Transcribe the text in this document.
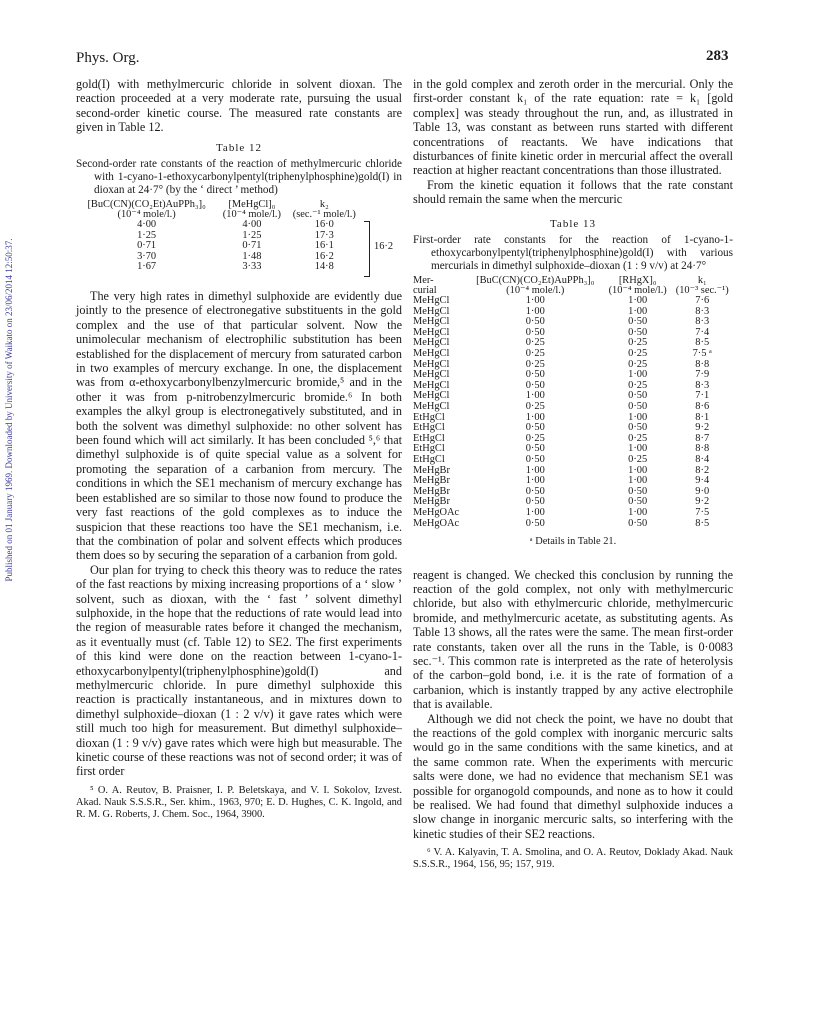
Published on 01 January 1969. Downloaded by University of Waikato on 23/06/2014 12:50:37.
Phys. Org.	283

gold(I) with methylmercuric chloride in solvent dioxan. The reaction proceeded at a very moderate rate, pursuing the usual second-order kinetic course. The measured rate constants are given in Table 12.

Table 12
Second-order rate constants of the reaction of methylmercuric chloride with 1-cyano-1-ethoxycarbonylpentyl(triphenylphosphine)gold(I) in dioxan at 24·7° (by the ‘ direct ’ method)
[BuC(CN)(CO₂Et)AuPPh₃]₀	[MeHgCl]₀	k₂	
(10⁻⁴ mole/l.)	(10⁻⁴ mole/l.)	(sec.⁻¹ mole/l.)	
4·00	4·00	16·0	16·2

1·25	1·25	17·3	
0·71	0·71	16·1	
3·70	1·48	16·2	
1·67	3·33	14·8	

The very high rates in dimethyl sulphoxide are evidently due jointly to the presence of electronegative substituents in the gold complex and the use of that particular solvent. Now the unimolecular mechanism of electrophilic substitution has been established for the displacement of mercury from saturated carbon in two examples of mercury exchange. In one, the displacement was from α-ethoxycarbonylbenzylmercuric bromide,⁵ and in the other it was from p-nitrobenzylmercuric bromide.⁶ In both examples the alkyl group is electronegatively substituted, and in both the solvent was dimethyl sulphoxide: no other solvent has been found which will act similarly. It has been concluded ⁵,⁶ that dimethyl sulphoxide is of quite special value as a solvent for promoting the separation of a carbanion from mercury. The conditions in which the SE1 mechanism of mercury exchange has been established are so similar to those now found to produce the very fast reactions of the gold complexes as to induce the suspicion that these reactions too have the SE1 mechanism, i.e. that the combination of polar and solvent effects which produces them does so by securing the separation of a carbanion from gold.

Our plan for trying to check this theory was to reduce the rates of the fast reactions by mixing increasing proportions of a ‘ slow ’ solvent, such as dioxan, with the ‘ fast ’ solvent dimethyl sulphoxide, in the hope that the reductions of rate would lead into the region of measurable rates before it changed the mechanism, as it eventually must (cf. Table 12) to SE2. The first experiments of this kind were done on the reaction between 1-cyano-1-ethoxycarbonylpentyl(triphenylphosphine)gold(I) and methylmercuric chloride. In pure dimethyl sulphoxide this reaction is practically instantaneous, and in mixtures down to dimethyl sulphoxide–dioxan (1 : 2 v/v) it gave rates which were still much too high for measurement. But dimethyl sulphoxide–dioxan (1 : 9 v/v) gave rates which were high but measurable. The kinetic course of these reactions was not of second order; it was of first order

⁵ O. A. Reutov, B. Praisner, I. P. Beletskaya, and V. I. Sokolov, Izvest. Akad. Nauk S.S.S.R., Ser. khim., 1963, 970; E. D. Hughes, C. K. Ingold, and R. M. G. Roberts, J. Chem. Soc., 1964, 3900.

in the gold complex and zeroth order in the mercurial. Only the first-order constant k₁ of the rate equation: rate = k₁ [gold complex] was steady throughout the run, and, as illustrated in Table 13, was constant as between runs started with different concentrations of reactants. We have indications that disturbances of finite kinetic order in mercurial affect the overall reaction at higher reactant concentrations than those illustrated.

From the kinetic equation it follows that the rate constant should remain the same when the mercuric

Table 13
First-order rate constants for the reaction of 1-cyano-1-ethoxycarbonylpentyl(triphenylphosphine)gold(I) with various mercurials in dimethyl sulphoxide–dioxan (1 : 9 v/v) at 24·7°
Mer-	[BuC(CN)(CO₂Et)AuPPh₃]₀	[RHgX]₀	k₁
curial	(10⁻⁴ mole/l.)	(10⁻⁴ mole/l.)	(10⁻³ sec.⁻¹)
MeHgCl	1·00	1·00	7·6
MeHgCl	1·00	1·00	8·3
MeHgCl	0·50	0·50	8·3
MeHgCl	0·50	0·50	7·4
MeHgCl	0·25	0·25	8·5
MeHgCl	0·25	0·25	7·5 ᵃ
MeHgCl	0·25	0·25	8·8
MeHgCl	0·50	1·00	7·9
MeHgCl	0·50	0·25	8·3
MeHgCl	1·00	0·50	7·1
MeHgCl	0·25	0·50	8·6
EtHgCl	1·00	1·00	8·1
EtHgCl	0·50	0·50	9·2
EtHgCl	0·25	0·25	8·7
EtHgCl	0·50	1·00	8·8
EtHgCl	0·50	0·25	8·4
MeHgBr	1·00	1·00	8·2
MeHgBr	1·00	1·00	9·4
MeHgBr	0·50	0·50	9·0
MeHgBr	0·50	0·50	9·2
MeHgOAc	1·00	1·00	7·5
MeHgOAc	0·50	0·50	8·5
ᵃ Details in Table 21.

reagent is changed. We checked this conclusion by running the reaction of the gold complex, not only with methylmercuric chloride, but also with ethylmercuric chloride, methylmercuric bromide, and methylmercuric acetate, as substituting agents. As Table 13 shows, all the rates were the same. The mean first-order rate constants, taken over all the runs in the Table, is 0·0083 sec.⁻¹. This common rate is interpreted as the rate of heterolysis of the carbon–gold bond, i.e. it is the rate of formation of a carbanion, which is instantly trapped by any active electrophile that is available.

Although we did not check the point, we have no doubt that the reactions of the gold complex with inorganic mercuric salts would go in the same conditions with the same kinetics, and at the same common rate. When the experiments with mercuric salts were done, we had no evidence that mechanism SE1 was possible for organogold compounds, and none as to how it could be realised. We had found that dimethyl sulphoxide induces a slow change in inorganic mercuric salts, so interfering with the kinetic studies of their SE2 reactions.

⁶ V. A. Kalyavin, T. A. Smolina, and O. A. Reutov, Doklady Akad. Nauk S.S.S.R., 1964, 156, 95; 157, 919.
